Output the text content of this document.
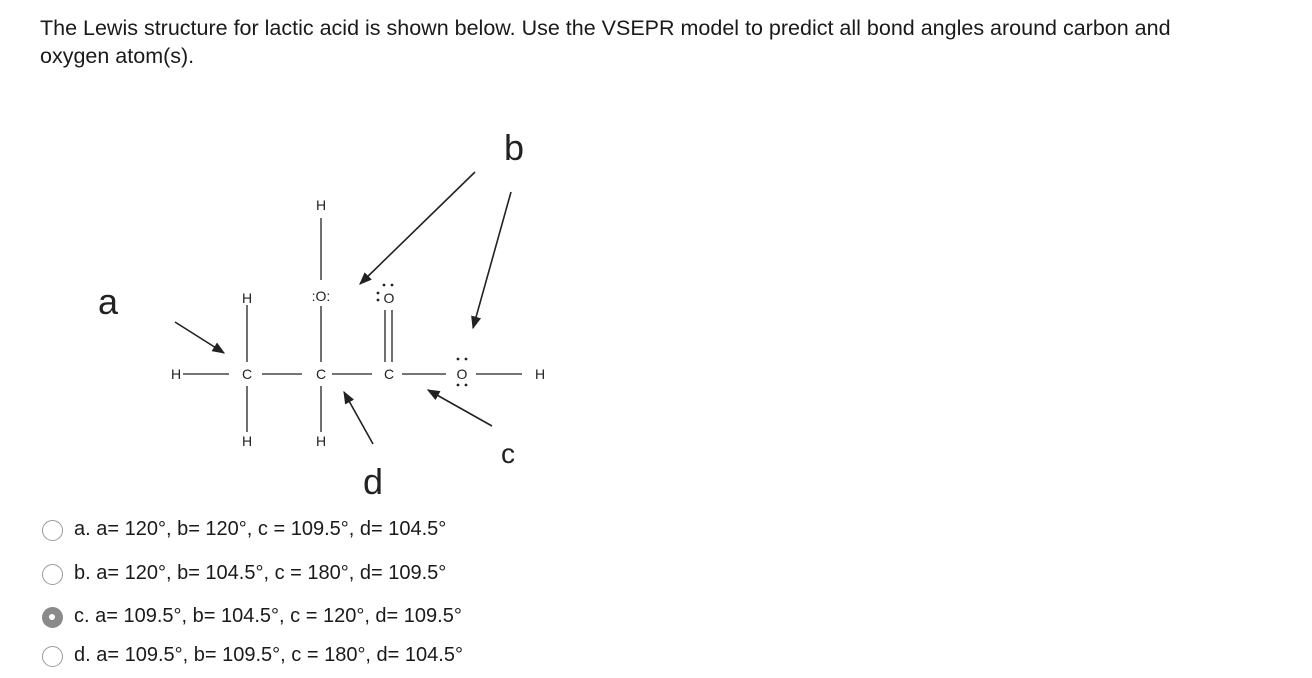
The Lewis structure for lactic acid is shown below. Use the VSEPR model to predict all bond angles around carbon and
oxygen atom(s).
H	C
H
H
H
:O:
C
H
O
C	O	H
a
b
c
d
a. a= 120°, b= 120°, c = 109.5°, d= 104.5°
b. a= 120°, b= 104.5°, c = 180°, d= 109.5°
c. a= 109.5°, b= 104.5°, c = 120°, d= 109.5°
d. a= 109.5°, b= 109.5°, c = 180°, d= 104.5°
